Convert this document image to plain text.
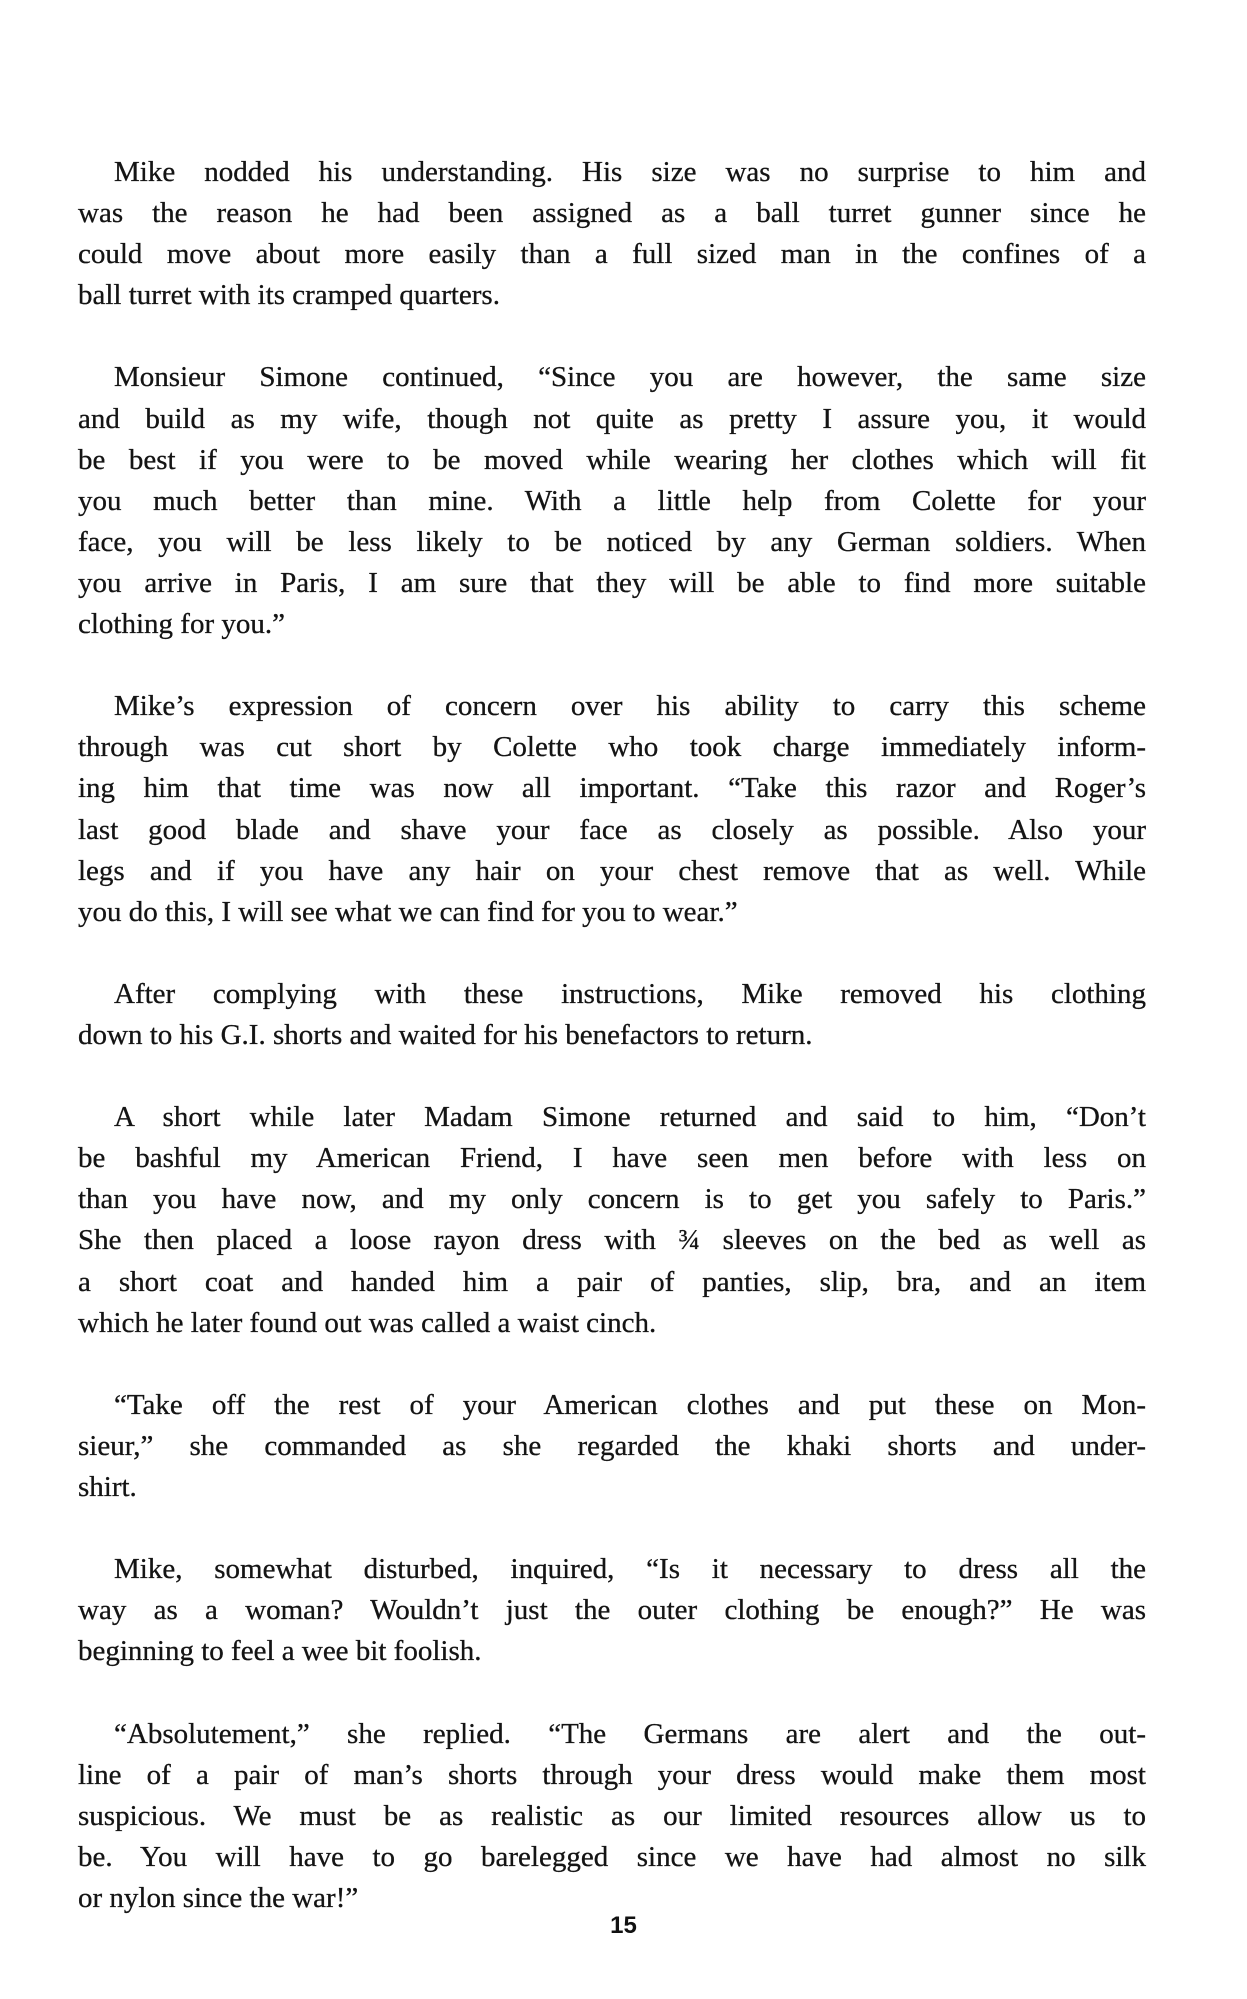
Mike nodded his understanding. His size was no surprise to him and
was the reason he had been assigned as a ball turret gunner since he
could move about more easily than a full sized man in the confines of a
ball turret with its cramped quarters.
Monsieur Simone continued, “Since you are however, the same size
and build as my wife, though not quite as pretty I assure you, it would
be best if you were to be moved while wearing her clothes which will fit
you much better than mine. With a little help from Colette for your
face, you will be less likely to be noticed by any German soldiers. When
you arrive in Paris, I am sure that they will be able to find more suitable
clothing for you.”
Mike’s expression of concern over his ability to carry this scheme
through was cut short by Colette who took charge immediately inform-
ing him that time was now all important. “Take this razor and Roger’s
last good blade and shave your face as closely as possible. Also your
legs and if you have any hair on your chest remove that as well. While
you do this, I will see what we can find for you to wear.”
After complying with these instructions, Mike removed his clothing
down to his G.I. shorts and waited for his benefactors to return.
A short while later Madam Simone returned and said to him, “Don’t
be bashful my American Friend, I have seen men before with less on
than you have now, and my only concern is to get you safely to Paris.”
She then placed a loose rayon dress with ¾ sleeves on the bed as well as
a short coat and handed him a pair of panties, slip, bra, and an item
which he later found out was called a waist cinch.
“Take off the rest of your American clothes and put these on Mon-
sieur,” she commanded as she regarded the khaki shorts and under-
shirt.
Mike, somewhat disturbed, inquired, “Is it necessary to dress all the
way as a woman? Wouldn’t just the outer clothing be enough?” He was
beginning to feel a wee bit foolish.
“Absolutement,” she replied. “The Germans are alert and the out-
line of a pair of man’s shorts through your dress would make them most
suspicious. We must be as realistic as our limited resources allow us to
be. You will have to go barelegged since we have had almost no silk
or nylon since the war!”
15
